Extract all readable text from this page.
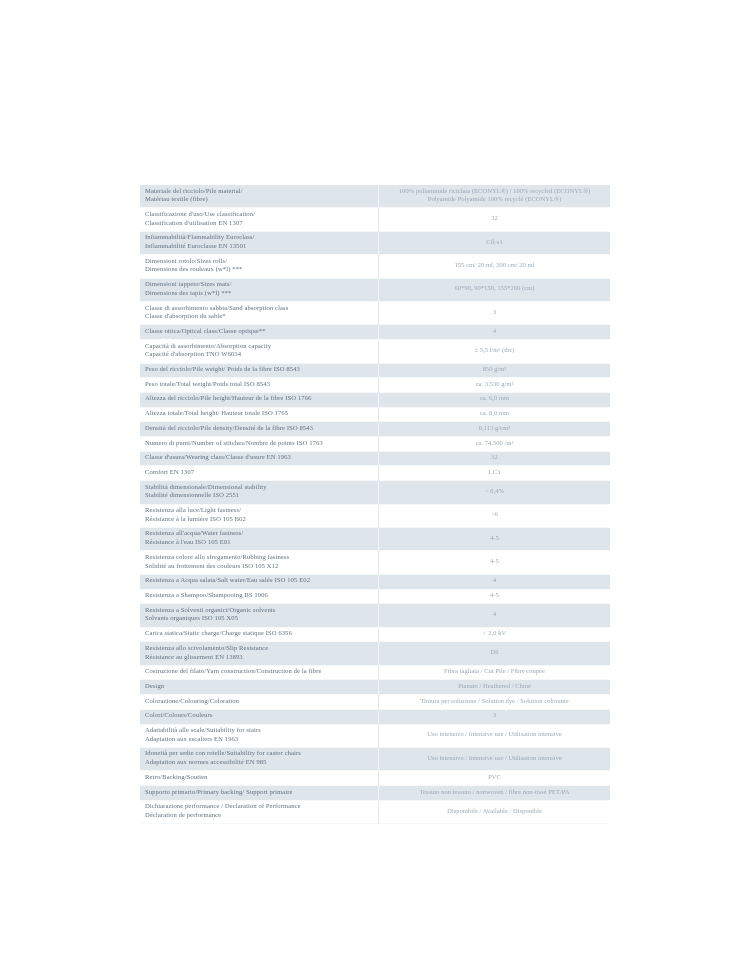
Materiale del ricciolo/Pile material/
Matériau textile (fibre)	100% poliammide riciclata (ECONYL®) / 100% recycled (ECONYL®) Polyamide Polyamide 100% recyclé (ECONYL®)

Classificazione d'uso/Use classification/
Classification d'utilisation EN 1307	32

Infiammabilità/Flammability Euroclass/
Inflammabilité Euroclasse EN 13501	Cfl-s1

Dimensioni rotolo/Sizes rolls/
Dimensions des rouleaux (w*l) ***	155 cm/ 20 ml, 200 cm/ 20 ml

Dimensioni tappeto/Sizes mats/
Dimensions des tapis (w*l) ***	60*90, 90*150, 155*200 (cm)

Classe di assorbimento sabbia/Sand absorption class
Classe d'absorption du sable*	3

Classe ottica/Optical class/Classe optique**	4

Capacità di assorbimento/Absorption capacity
Capacité d'absorption TNO W6034	± 5,5 l/m² (tbc)

Peso del ricciolo/Pile weight/ Poids de la fibre ISO 8543	850 g/m²

Peso totale/Total weight/Poids total ISO 8543	ca. 3.530 g/m²

Altezza del ricciolo/Pile height/Hauteur de la fibre ISO 1766	ca. 6,0 mm

Altezza totale/Total height/ Hauteur totale ISO 1765	ca. 8,0 mm

Densità del ricciolo/Pile density/Densité de la fibre ISO 8543	0,113 g/cm³

Numero di punti/Number of stitches/Nombre de points ISO 1763	ca. 74.500 /m²

Classe d'usura/Wearing class/Classe d'usure EN 1963	32

Comfort EN 1307	LC3

Stabilità dimensionale/Dimensional stability
Stabilité dimensionnelle ISO 2551	< 0,4%

Resistenza alla luce/Light fastness/
Résistance à la lumière ISO 105 B02	>6

Resistenza all'acqua/Water fastness/
Résistance à l'eau ISO 105 E01	4-5

Resistenza colore allo sfregamento/Rubbing fastness
Solidité au frottement des couleurs ISO 105 X12	4-5

Resistenza a Acqua salata/Salt water/Eau salée ISO 105 E02	4

Resistenza a Shampoo/Shampooing BS 1006	4-5

Resistenza a Solventi organici/Organic solvents
Solvants organiques ISO 105 X05	4

Carica statica/Static charge/Charge statique ISO 6356	< 2,0 kV

Resistenza allo scivolamento/Slip Resistance
Résistance au glissement EN 13893	DS

Costruzione del filato/Yarn construction/Construction de la fibre	Fibra tagliata / Cut Pile / Fibre coupée

Design	Pianato / Heathered / Chiné

Colorazione/Colouring/Coloration	Tintura per soluzione / Solution dye / Solution colorante

Colori/Colours/Couleurs	3

Adattabilità alle scale/Suitability for stairs
Adaptation aux escaliers EN 1963	Uso intensivo / Intensive use / Utilisation intensive

Idoneità per sedie con rotelle/Suitability for castor chairs
Adaptation aux normes accessibilité EN 985	Uso intensivo / Intensive use / Utilisation intensive

Retro/Backing/Soutien	PVC

Supporto primario/Primary backing/ Support primaire	Tessuto non tessuto / nonwoven / fibre non-tissé PET/PA

Dichiarazione performance / Declaration of Performance
Déclaration de performance	Disponibile / Available / Disponible
